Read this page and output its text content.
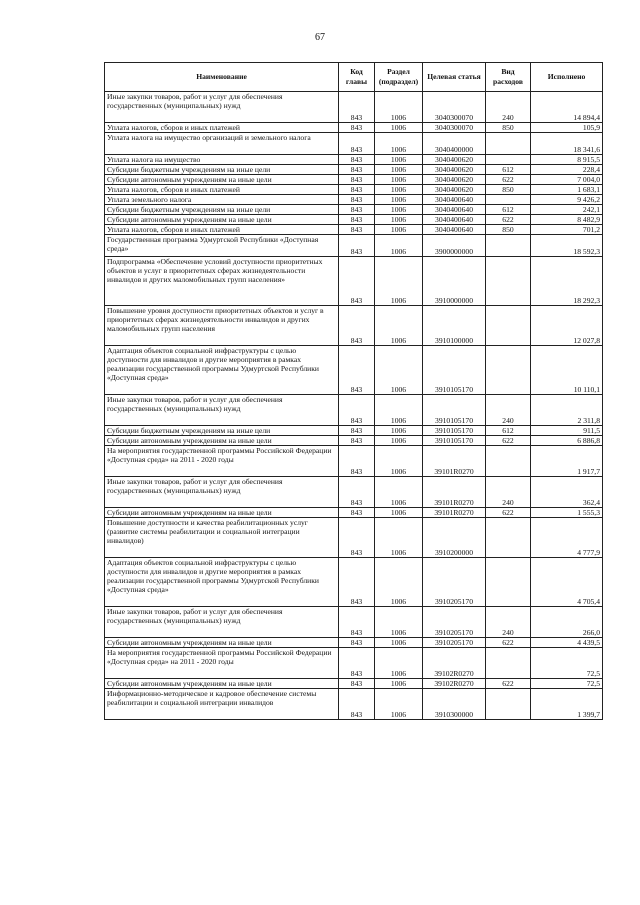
67
Наименование	Код главы	Раздел (подраздел)	Целевая статья	Вид расходов	Исполнено
Иные закупки товаров, работ и услуг для обеспечения государственных (муниципальных) нужд	843	1006	3040300070	240	14 894,4
Уплата налогов, сборов и иных платежей	843	1006	3040300070	850	105,9
Уплата налога на имущество организаций и земельного налога	843	1006	3040400000		18 341,6
Уплата налога на имущество	843	1006	3040400620		8 915,5
Субсидии бюджетным учреждениям на иные цели	843	1006	3040400620	612	228,4
Субсидии автономным учреждениям на иные цели	843	1006	3040400620	622	7 004,0
Уплата налогов, сборов и иных платежей	843	1006	3040400620	850	1 683,1
Уплата земельного налога	843	1006	3040400640		9 426,2
Субсидии бюджетным учреждениям на иные цели	843	1006	3040400640	612	242,1
Субсидии автономным учреждениям на иные цели	843	1006	3040400640	622	8 482,9
Уплата налогов, сборов и иных платежей	843	1006	3040400640	850	701,2
Государственная программа Удмуртской Республики «Доступная среда»	843	1006	3900000000		18 592,3
Подпрограмма «Обеспечение условий доступности приоритетных объектов и услуг в приоритетных сферах жизнедеятельности инвалидов и других маломобильных групп населения»	843	1006	3910000000		18 292,3
Повышение уровня доступности приоритетных объектов и услуг в приоритетных сферах жизнедеятельности инвалидов и других маломобильных групп населения	843	1006	3910100000		12 027,8
Адаптация объектов социальной инфраструктуры с целью доступности для инвалидов и другие мероприятия в рамках реализации государственной программы Удмуртской Республики «Доступная среда»	843	1006	3910105170		10 110,1
Иные закупки товаров, работ и услуг для обеспечения государственных (муниципальных) нужд	843	1006	3910105170	240	2 311,8
Субсидии бюджетным учреждениям на иные цели	843	1006	3910105170	612	911,5
Субсидии автономным учреждениям на иные цели	843	1006	3910105170	622	6 886,8
На мероприятия государственной программы Российской Федерации «Доступная среда» на 2011 - 2020 годы	843	1006	39101R0270		1 917,7
Иные закупки товаров, работ и услуг для обеспечения государственных (муниципальных) нужд	843	1006	39101R0270	240	362,4
Субсидии автономным учреждениям на иные цели	843	1006	39101R0270	622	1 555,3
Повышение доступности и качества реабилитационных услуг (развитие системы реабилитации и социальной интеграции инвалидов)	843	1006	3910200000		4 777,9
Адаптация объектов социальной инфраструктуры с целью доступности для инвалидов и другие мероприятия в рамках реализации государственной программы Удмуртской Республики «Доступная среда»	843	1006	3910205170		4 705,4
Иные закупки товаров, работ и услуг для обеспечения государственных (муниципальных) нужд	843	1006	3910205170	240	266,0
Субсидии автономным учреждениям на иные цели	843	1006	3910205170	622	4 439,5
На мероприятия государственной программы Российской Федерации «Доступная среда» на 2011 - 2020 годы	843	1006	39102R0270		72,5
Субсидии автономным учреждениям на иные цели	843	1006	39102R0270	622	72,5
Информационно-методическое и кадровое обеспечение системы реабилитации и социальной интеграции инвалидов	843	1006	3910300000		1 399,7
